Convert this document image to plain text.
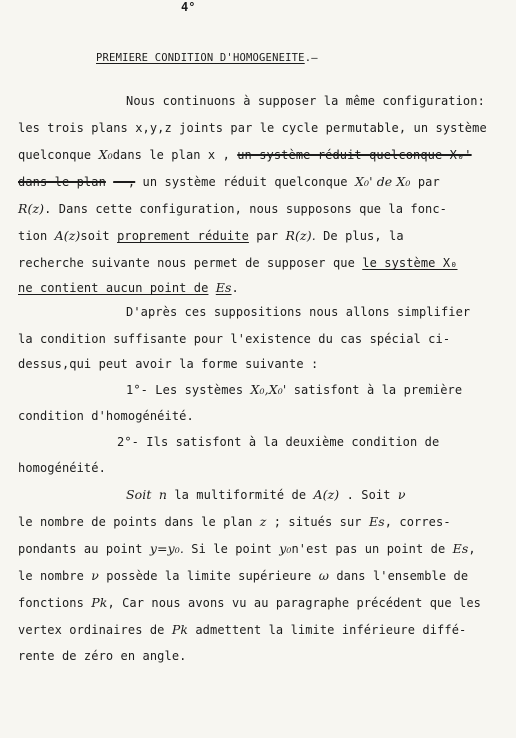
4°
PREMIERE CONDITION D'HOMOGENEITE.—
Nous continuons à supposer la même configuration:
les trois plans x,y,z joints par le cycle permutable, un système
quelconque X₀dans le plan x , un système réduit quelconque X₀'
dans le plan — , un système réduit quelconque X₀' de X₀ par
R(z). Dans cette configuration, nous supposons que la fonc-
tion A(z)soit proprement réduite par R(z). De plus, la
recherche suivante nous permet de supposer que le système X₀
ne contient aucun point de Es.
D'après ces suppositions nous allons simplifier
la condition suffisante pour l'existence du cas spécial ci-
dessus,qui peut avoir la forme suivante :
1°- Les systèmes X₀,X₀' satisfont à la première
condition d'homogénéité.
2°- Ils satisfont à la deuxième condition de
homogénéité.
Soit n la multiformité de A(z) . Soit ν
le nombre de points dans le plan z ; situés sur Es, corres-
pondants au point y=y₀. Si le point y₀n'est pas un point de Es,
le nombre ν possède la limite supérieure ω dans l'ensemble de
fonctions Pk, Car nous avons vu au paragraphe précédent que les
vertex ordinaires de Pk admettent la limite inférieure diffé-
rente de zéro en angle.
